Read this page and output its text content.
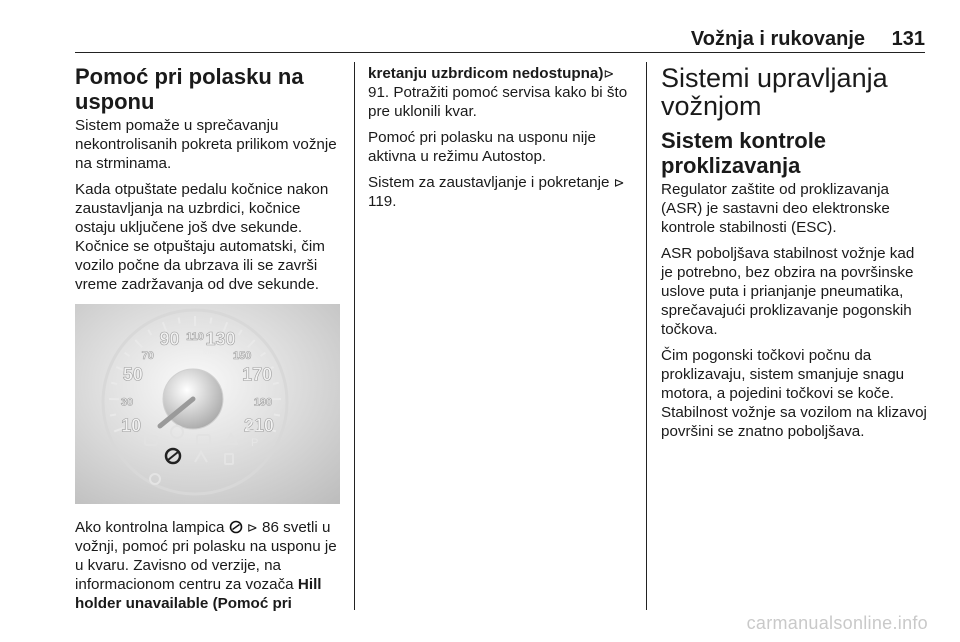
Vožnja i rukovanje 131
Pomoć pri polasku na usponu

Sistem pomaže u sprečavanju nekontrolisanih pokreta prilikom vožnje na strminama.

Kada otpuštate pedalu kočnice nakon zaustavljanja na uzbrdici, kočnice ostaju uključene još dve sekunde. Kočnice se otpuštaju automatski, čim vozilo počne da ubrzava ili se završi vreme zadržavanja od dve sekunde.

10
30
50
70
90 110 130
150
170
190
210
km/h
P

Ako kontrolna lampica ⊳ 86 svetli u vožnji, pomoć pri polasku na usponu je u kvaru. Zavisno od verzije, na informacionom centru za vozača Hill holder unavailable (Pomoć pri

kretanju uzbrdicom nedostupna)⊳ 91. Potražiti pomoć servisa kako bi što pre uklonili kvar.

Pomoć pri polasku na usponu nije aktivna u režimu Autostop.

Sistem za zaustavljanje i pokretanje ⊳ 119.

Sistemi upravljanja vožnjom
Sistem kontrole proklizavanja

Regulator zaštite od proklizavanja (ASR) je sastavni deo elektronske kontrole stabilnosti (ESC).

ASR poboljšava stabilnost vožnje kad je potrebno, bez obzira na površinske uslove puta i prianjanje pneumatika, sprečavajući proklizavanje pogonskih točkova.

Čim pogonski točkovi počnu da proklizavaju, sistem smanjuje snagu motora, a pojedini točkovi se koče. Stabilnost vožnje sa vozilom na klizavoj površini se znatno poboljšava.

carmanualsonline.info
